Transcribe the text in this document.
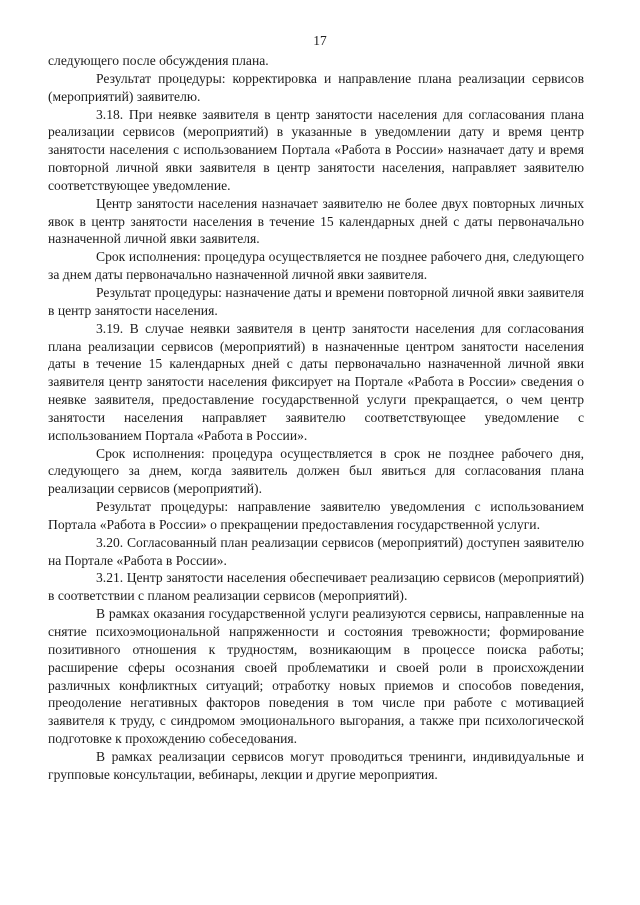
17

следующего после обсуждения плана.

Результат процедуры: корректировка и направление плана реализации сервисов (мероприятий) заявителю.

3.18. При неявке заявителя в центр занятости населения для согласования плана реализации сервисов (мероприятий) в указанные в уведомлении дату и время центр занятости населения с использованием Портала «Работа в России» назначает дату и время повторной личной явки заявителя в центр занятости населения, направляет заявителю соответствующее уведомление.

Центр занятости населения назначает заявителю не более двух повторных личных явок в центр занятости населения в течение 15 календарных дней с даты первоначально назначенной личной явки заявителя.

Срок исполнения: процедура осуществляется не позднее рабочего дня, следующего за днем даты первоначально назначенной личной явки заявителя.

Результат процедуры: назначение даты и времени повторной личной явки заявителя в центр занятости населения.

3.19. В случае неявки заявителя в центр занятости населения для согласования плана реализации сервисов (мероприятий) в назначенные центром занятости населения даты в течение 15 календарных дней с даты первоначально назначенной личной явки заявителя центр занятости населения фиксирует на Портале «Работа в России» сведения о неявке заявителя, предоставление государственной услуги прекращается, о чем центр занятости населения направляет заявителю соответствующее уведомление с использованием Портала «Работа в России».

Срок исполнения: процедура осуществляется в срок не позднее рабочего дня, следующего за днем, когда заявитель должен был явиться для согласования плана реализации сервисов (мероприятий).

Результат процедуры: направление заявителю уведомления с использованием Портала «Работа в России» о прекращении предоставления государственной услуги.

3.20. Согласованный план реализации сервисов (мероприятий) доступен заявителю на Портале «Работа в России».

3.21. Центр занятости населения обеспечивает реализацию сервисов (мероприятий) в соответствии с планом реализации сервисов (мероприятий).

В рамках оказания государственной услуги реализуются сервисы, направленные на снятие психоэмоциональной напряженности и состояния тревожности; формирование позитивного отношения к трудностям, возникающим в процессе поиска работы; расширение сферы осознания своей проблематики и своей роли в происхождении различных конфликтных ситуаций; отработку новых приемов и способов поведения, преодоление негативных факторов поведения в том числе при работе с мотивацией заявителя к труду, с синдромом эмоционального выгорания, а также при психологической подготовке к прохождению собеседования.

В рамках реализации сервисов могут проводиться тренинги, индивидуальные и групповые консультации, вебинары, лекции и другие мероприятия.
